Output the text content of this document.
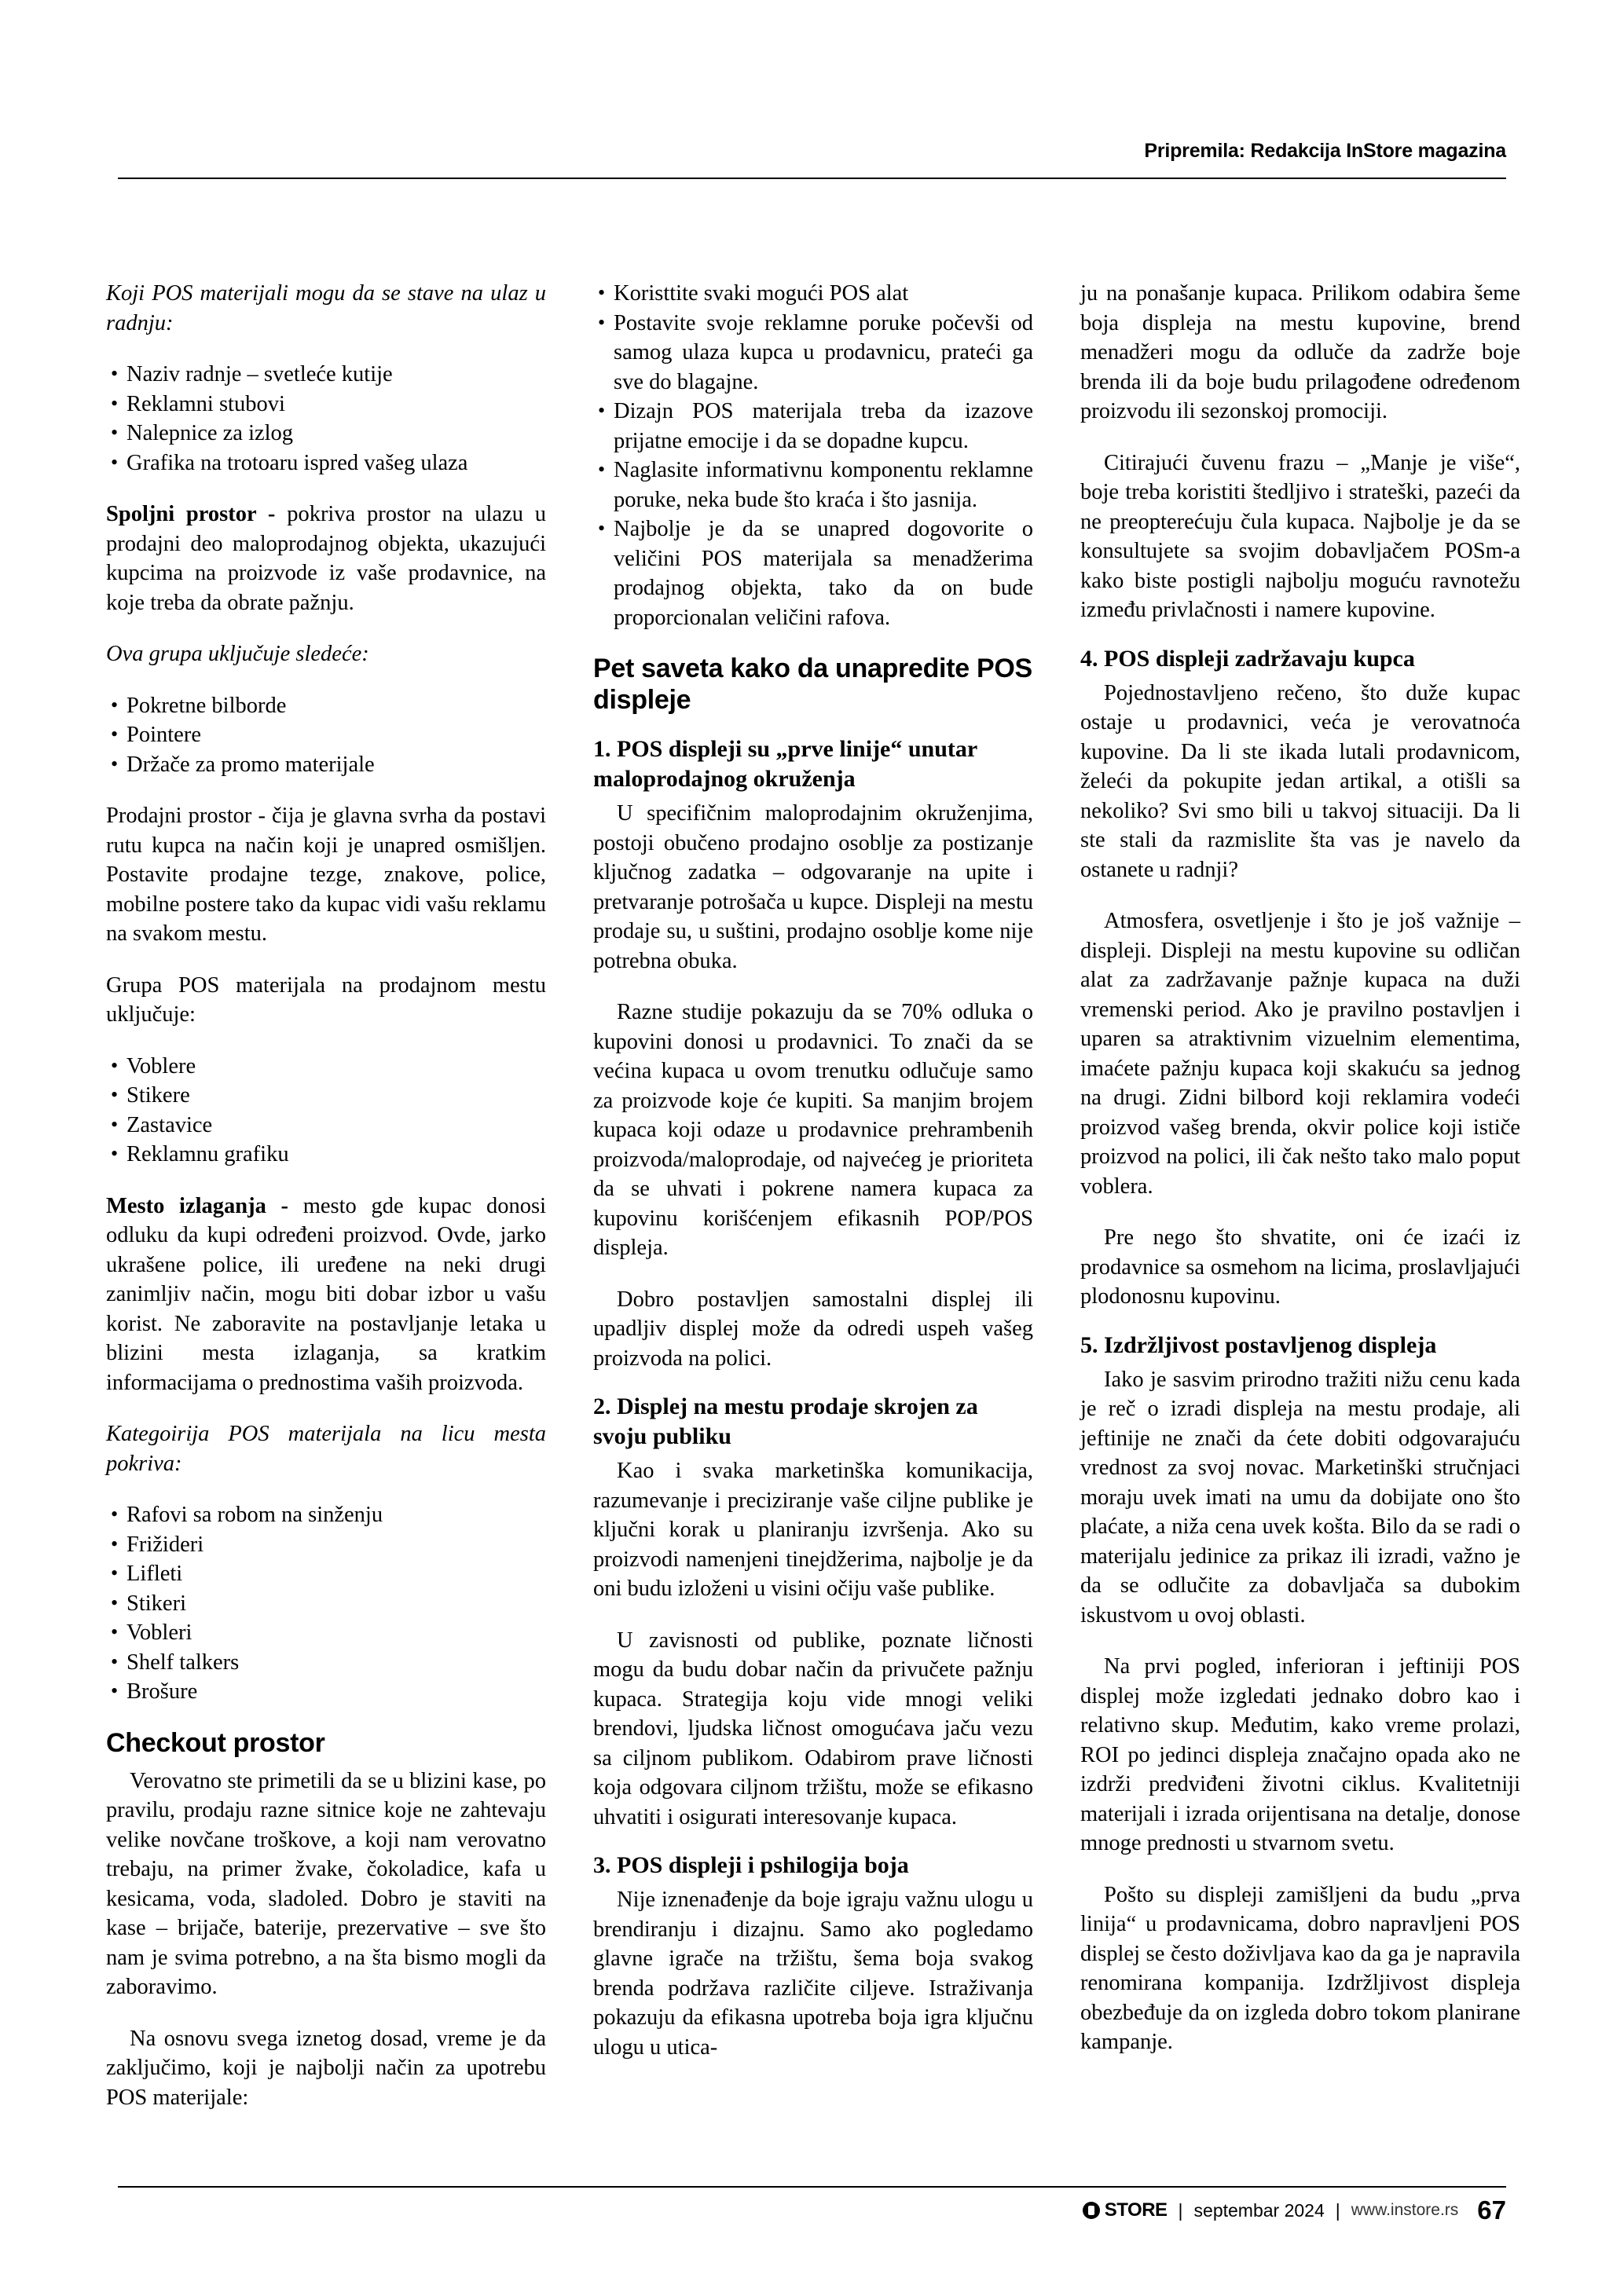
Pripremila: Redakcija InStore magazina

Koji POS materijali mogu da se stave na ulaz u radnju:

• Naziv radnje – svetleće kutije
• Reklamni stubovi
• Nalepnice za izlog
• Grafika na trotoaru ispred vašeg ulaza

Spoljni prostor - pokriva prostor na ulazu u prodajni deo maloprodajnog objekta, ukazujući kupcima na proizvode iz vaše prodavnice, na koje treba da obrate pažnju.

Ova grupa uključuje sledeće:

• Pokretne bilborde
• Pointere
• Držače za promo materijale

Prodajni prostor - čija je glavna svrha da postavi rutu kupca na način koji je unapred osmišljen. Postavite prodajne tezge, znakove, police, mobilne postere tako da kupac vidi vašu reklamu na svakom mestu.

Grupa POS materijala na prodajnom mestu uključuje:

• Voblere
• Stikere
• Zastavice
• Reklamnu grafiku

Mesto izlaganja - mesto gde kupac donosi odluku da kupi određeni proizvod. Ovde, jarko ukrašene police, ili uređene na neki drugi zanimljiv način, mogu biti dobar izbor u vašu korist. Ne zaboravite na postavljanje letaka u blizini mesta izlaganja, sa kratkim informacijama o prednostima vaših proizvoda.

Kategoirija POS materijala na licu mesta pokriva:

• Rafovi sa robom na sinženju
• Frižideri
• Lifleti
• Stikeri
• Vobleri
• Shelf talkers
• Brošure
Checkout prostor

Verovatno ste primetili da se u blizini kase, po pravilu, prodaju razne sitnice koje ne zahtevaju velike novčane troškove, a koji nam verovatno trebaju, na primer žvake, čokoladice, kafa u kesicama, voda, sladoled. Dobro je staviti na kase – brijače, baterije, prezervative – sve što nam je svima potrebno, a na šta bismo mogli da zaboravimo.

Na osnovu svega iznetog dosad, vreme je da zaključimo, koji je najbolji način za upotrebu POS materijale:

• Koristtite svaki mogući POS alat
• Postavite svoje reklamne poruke počevši od samog ulaza kupca u prodavnicu, prateći ga sve do blagajne.
• Dizajn POS materijala treba da izazove prijatne emocije i da se dopadne kupcu.
• Naglasite informativnu komponentu reklamne poruke, neka bude što kraća i što jasnija.
• Najbolje je da se unapred dogovorite o veličini POS materijala sa menadžerima prodajnog objekta, tako da on bude proporcionalan veličini rafova.
Pet saveta kako da unapredite POS displeje
1. POS displeji su „prve linije“ unutar maloprodajnog okruženja

U specifičnim maloprodajnim okruženjima, postoji obučeno prodajno osoblje za postizanje ključnog zadatka – odgovaranje na upite i pretvaranje potrošača u kupce. Displeji na mestu prodaje su, u suštini, prodajno osoblje kome nije potrebna obuka.

Razne studije pokazuju da se 70% odluka o kupovini donosi u prodavnici. To znači da se većina kupaca u ovom trenutku odlučuje samo za proizvode koje će kupiti. Sa manjim brojem kupaca koji odaze u prodavnice prehrambenih proizvoda/maloprodaje, od najvećeg je prioriteta da se uhvati i pokrene namera kupaca za kupovinu korišćenjem efikasnih POP/POS displeja.

Dobro postavljen samostalni displej ili upadljiv displej može da odredi uspeh vašeg proizvoda na polici.

2. Displej na mestu prodaje skrojen za svoju publiku

Kao i svaka marketinška komunikacija, razumevanje i preciziranje vaše ciljne publike je ključni korak u planiranju izvršenja. Ako su proizvodi namenjeni tinejdžerima, najbolje je da oni budu izloženi u visini očiju vaše publike.

U zavisnosti od publike, poznate ličnosti mogu da budu dobar način da privučete pažnju kupaca. Strategija koju vide mnogi veliki brendovi, ljudska ličnost omogućava jaču vezu sa ciljnom publikom. Odabirom prave ličnosti koja odgovara ciljnom tržištu, može se efikasno uhvatiti i osigurati interesovanje kupaca.

3. POS displeji i pshilogija boja

Nije iznenađenje da boje igraju važnu ulogu u brendiranju i dizajnu. Samo ako pogledamo glavne igrače na tržištu, šema boja svakog brenda podržava različite ciljeve. Istraživanja pokazuju da efikasna upotreba boja igra ključnu ulogu u utica-

ju na ponašanje kupaca. Prilikom odabira šeme boja displeja na mestu kupovine, brend menadžeri mogu da odluče da zadrže boje brenda ili da boje budu prilagođene određenom proizvodu ili sezonskoj promociji.

Citirajući čuvenu frazu – „Manje je više“, boje treba koristiti štedljivo i strateški, pazeći da ne preopterećuju čula kupaca. Najbolje je da se konsultujete sa svojim dobavljačem POSm-a kako biste postigli najbolju moguću ravnotežu između privlačnosti i namere kupovine.

4. POS displeji zadržavaju kupca

Pojednostavljeno rečeno, što duže kupac ostaje u prodavnici, veća je verovatnoća kupovine. Da li ste ikada lutali prodavnicom, želeći da pokupite jedan artikal, a otišli sa nekoliko? Svi smo bili u takvoj situaciji. Da li ste stali da razmislite šta vas je navelo da ostanete u radnji?

Atmosfera, osvetljenje i što je još važnije – displeji. Displeji na mestu kupovine su odličan alat za zadržavanje pažnje kupaca na duži vremenski period. Ako je pravilno postavljen i uparen sa atraktivnim vizuelnim elementima, imaćete pažnju kupaca koji skakuću sa jednog na drugi. Zidni bilbord koji reklamira vodeći proizvod vašeg brenda, okvir police koji ističe proizvod na polici, ili čak nešto tako malo poput voblera.

Pre nego što shvatite, oni će izaći iz prodavnice sa osmehom na licima, proslavljajući plodonosnu kupovinu.

5. Izdržljivost postavljenog displeja

Iako je sasvim prirodno tražiti nižu cenu kada je reč o izradi displeja na mestu prodaje, ali jeftinije ne znači da ćete dobiti odgovarajuću vrednost za svoj novac. Marketinški stručnjaci moraju uvek imati na umu da dobijate ono što plaćate, a niža cena uvek košta. Bilo da se radi o materijalu jedinice za prikaz ili izradi, važno je da se odlučite za dobavljača sa dubokim iskustvom u ovoj oblasti.

Na prvi pogled, inferioran i jeftiniji POS displej može izgledati jednako dobro kao i relativno skup. Međutim, kako vreme prolazi, ROI po jedinci displeja značajno opada ako ne izdrži predviđeni životni ciklus. Kvalitetniji materijali i izrada orijentisana na detalje, donose mnoge prednosti u stvarnom svetu.

Pošto su displeji zamišljeni da budu „prva linija“ u prodavnicama, dobro napravljeni POS displej se često doživljava kao da ga je napravila renomirana kompanija. Izdržljivost displeja obezbeđuje da on izgleda dobro tokom planirane kampanje.

STORE | septembar 2024 | www.instore.rs 67
